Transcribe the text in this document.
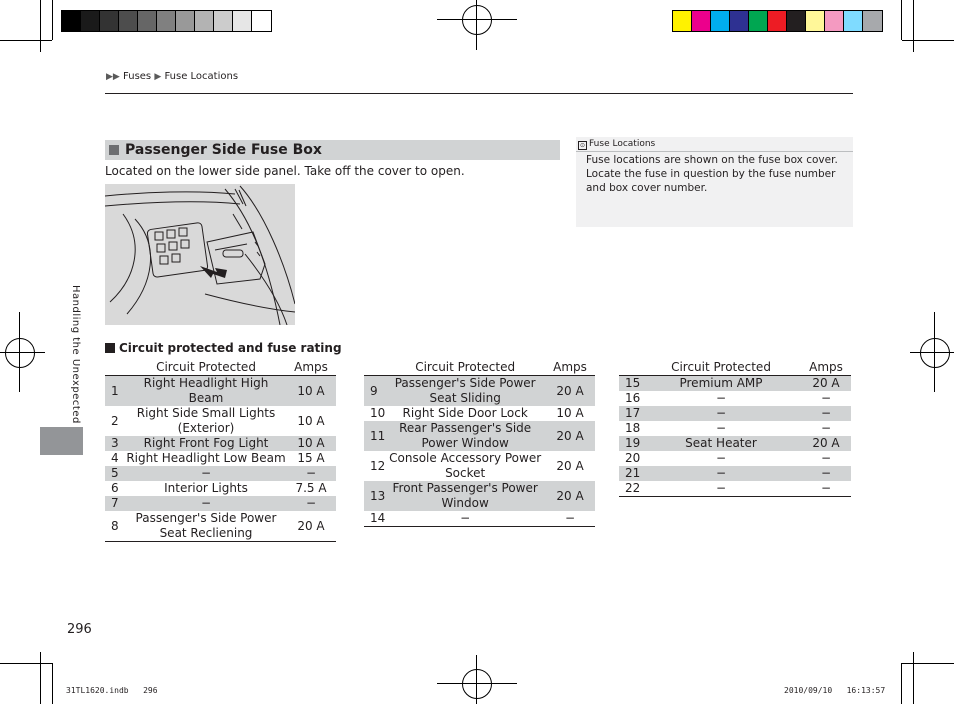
▶▶ Fuses ▶ Fuse Locations
Handling the Unexpected
Passenger Side Fuse Box
Located on the lower side panel. Take off the cover to open.
⊙ Fuse Locations
Fuse locations are shown on the fuse box cover. Locate the fuse in question by the fuse number and box cover number.
Circuit protected and fuse rating
	Circuit Protected	Amps
1	Right Headlight High Beam	10 A
2	Right Side Small Lights (Exterior)	10 A
3	Right Front Fog Light	10 A
4	Right Headlight Low Beam	15 A
5	−	−
6	Interior Lights	7.5 A
7	−	−
8	Passenger's Side Power Seat Recliening	20 A
	Circuit Protected	Amps
9	Passenger's Side Power Seat Sliding	20 A
10	Right Side Door Lock	10 A
11	Rear Passenger's Side Power Window	20 A
12	Console Accessory Power Socket	20 A
13	Front Passenger's Power Window	20 A
14	−	−
	Circuit Protected	Amps
15	Premium AMP	20 A
16	−	−
17	−	−
18	−	−
19	Seat Heater	20 A
20	−	−
21	−	−
22	−	−
296
31TL1620.indb   296	2010/09/10   16:13:57
